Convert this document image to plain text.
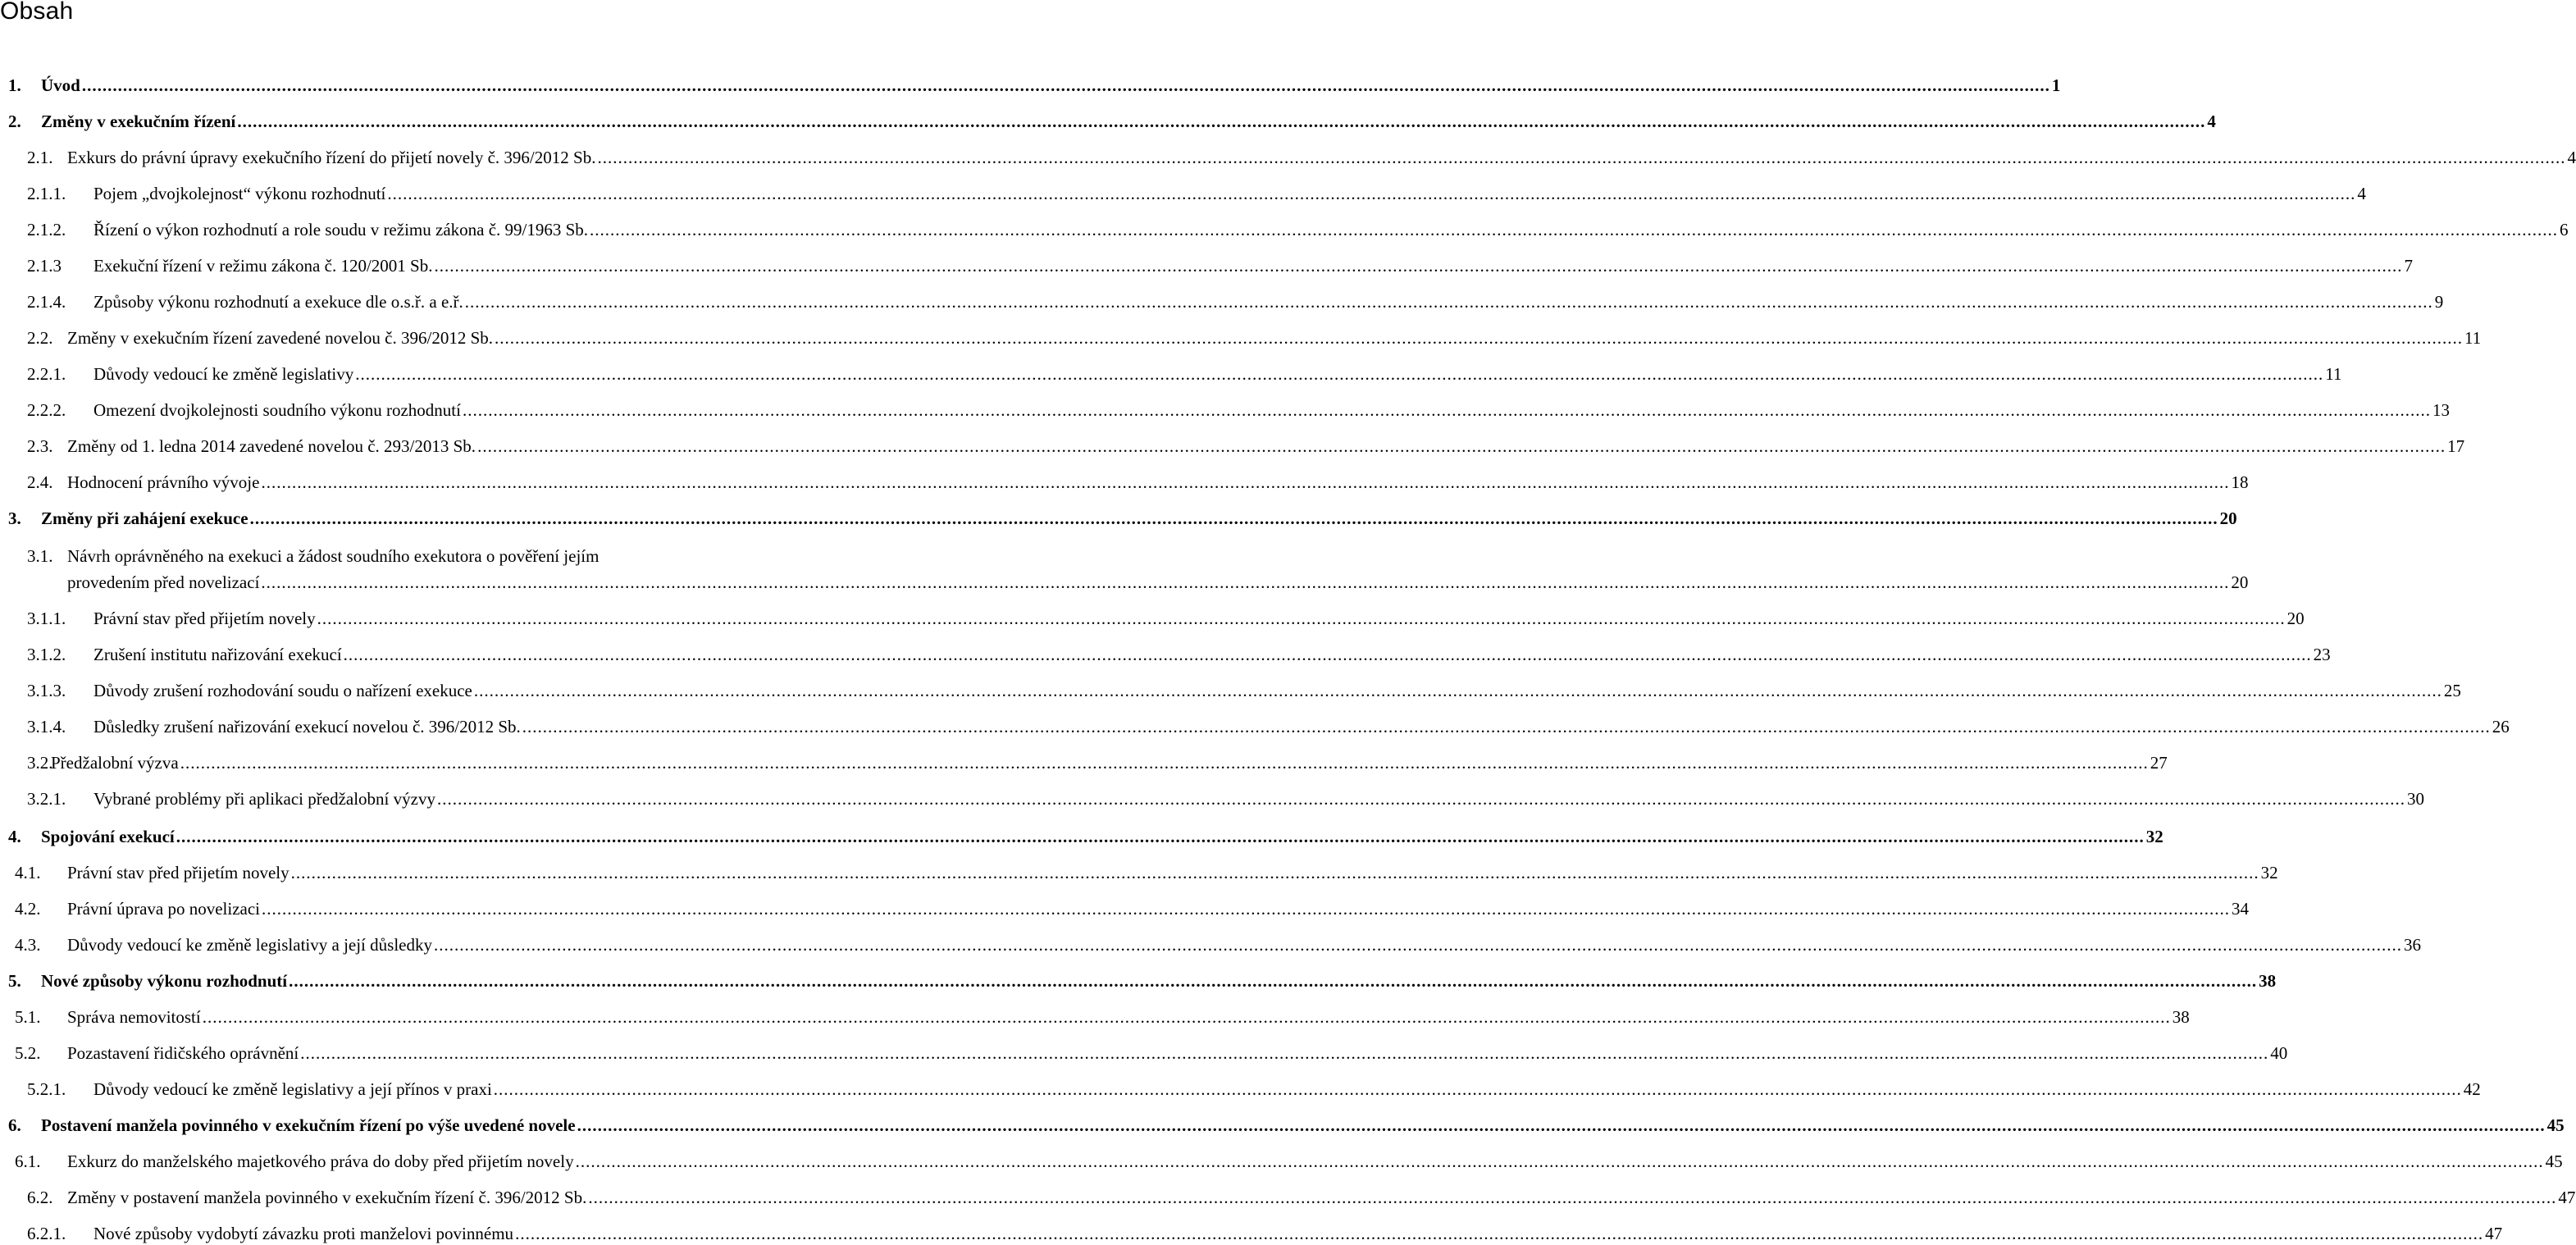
Obsah
1. Úvod ................................................................................................................................................................................................................................................................................................................................................................................................ 1
2. Změny v exekučním řízení ................................................................................................................................................................................................................................................................................................................................................................................................ 4
2.1. Exkurs do právní úpravy exekučního řízení do přijetí novely č. 396/2012 Sb. ................................................................................................................................................................................................................................................................................................................................................................................................ 4
2.1.1. Pojem „dvojkolejnost“ výkonu rozhodnutí ................................................................................................................................................................................................................................................................................................................................................................................................ 4
2.1.2. Řízení o výkon rozhodnutí a role soudu v režimu zákona č. 99/1963 Sb. ................................................................................................................................................................................................................................................................................................................................................................................................ 6
2.1.3 Exekuční řízení v režimu zákona č. 120/2001 Sb. ................................................................................................................................................................................................................................................................................................................................................................................................ 7
2.1.4. Způsoby výkonu rozhodnutí a exekuce dle o.s.ř. a e.ř. ................................................................................................................................................................................................................................................................................................................................................................................................ 9
2.2. Změny v exekučním řízení zavedené novelou č. 396/2012 Sb. ................................................................................................................................................................................................................................................................................................................................................................................................ 11
2.2.1. Důvody vedoucí ke změně legislativy ................................................................................................................................................................................................................................................................................................................................................................................................ 11
2.2.2. Omezení dvojkolejnosti soudního výkonu rozhodnutí ................................................................................................................................................................................................................................................................................................................................................................................................ 13
2.3. Změny od 1. ledna 2014 zavedené novelou č. 293/2013 Sb. ................................................................................................................................................................................................................................................................................................................................................................................................ 17
2.4. Hodnocení právního vývoje ................................................................................................................................................................................................................................................................................................................................................................................................ 18
3. Změny při zahájení exekuce ................................................................................................................................................................................................................................................................................................................................................................................................ 20
3.1. Návrh oprávněného na exekuci a žádost soudního exekutora o pověření jejím
provedením před novelizací ................................................................................................................................................................................................................................................................................................................................................................................................ 20
3.1.1. Právní stav před přijetím novely ................................................................................................................................................................................................................................................................................................................................................................................................ 20
3.1.2. Zrušení institutu nařizování exekucí ................................................................................................................................................................................................................................................................................................................................................................................................ 23
3.1.3. Důvody zrušení rozhodování soudu o nařízení exekuce ................................................................................................................................................................................................................................................................................................................................................................................................ 25
3.1.4. Důsledky zrušení nařizování exekucí novelou č. 396/2012 Sb. ................................................................................................................................................................................................................................................................................................................................................................................................ 26
3.2.
Předžalobní výzva ................................................................................................................................................................................................................................................................................................................................................................................................ 27
3.2.1. Vybrané problémy při aplikaci předžalobní výzvy ................................................................................................................................................................................................................................................................................................................................................................................................ 30
4. Spojování exekucí ................................................................................................................................................................................................................................................................................................................................................................................................ 32
4.1. Právní stav před přijetím novely ................................................................................................................................................................................................................................................................................................................................................................................................ 32
4.2. Právní úprava po novelizaci ................................................................................................................................................................................................................................................................................................................................................................................................ 34
4.3. Důvody vedoucí ke změně legislativy a její důsledky ................................................................................................................................................................................................................................................................................................................................................................................................ 36
5. Nové způsoby výkonu rozhodnutí ................................................................................................................................................................................................................................................................................................................................................................................................ 38
5.1. Správa nemovitostí ................................................................................................................................................................................................................................................................................................................................................................................................ 38
5.2. Pozastavení řidičského oprávnění ................................................................................................................................................................................................................................................................................................................................................................................................ 40
5.2.1. Důvody vedoucí ke změně legislativy a její přínos v praxi ................................................................................................................................................................................................................................................................................................................................................................................................ 42
6. Postavení manžela povinného v exekučním řízení po výše uvedené novele ................................................................................................................................................................................................................................................................................................................................................................................................ 45
6.1. Exkurz do manželského majetkového práva do doby před přijetím novely ................................................................................................................................................................................................................................................................................................................................................................................................ 45
6.2. Změny v postavení manžela povinného v exekučním řízení č. 396/2012 Sb. ................................................................................................................................................................................................................................................................................................................................................................................................ 47
6.2.1. Nové způsoby vydobytí závazku proti manželovi povinnému ................................................................................................................................................................................................................................................................................................................................................................................................ 47
